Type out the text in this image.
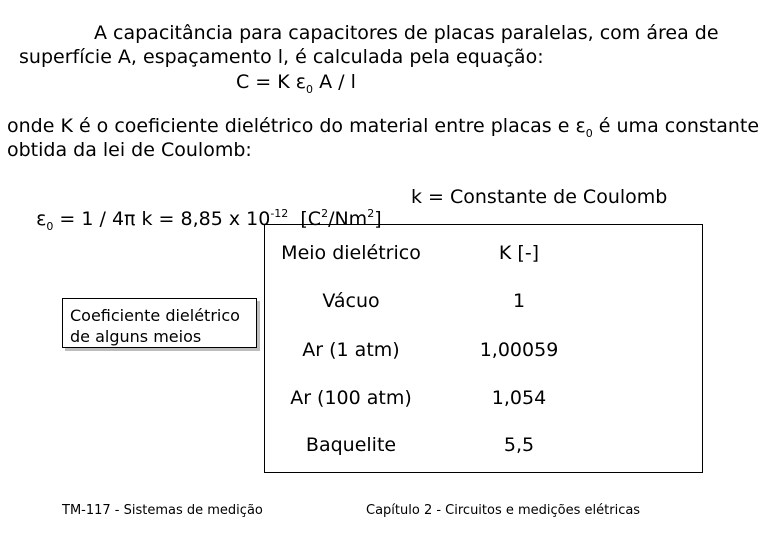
A capacitância para capacitores de placas paralelas, com área de
superfície A, espaçamento l, é calculada pela equação:
C = K $\varepsilon_0$ A / l
onde K é o coeficiente dielétrico do material entre placas e $\varepsilon_0$ é uma constante
obtida da lei de Coulomb:

$\varepsilon_0 = 1 / 4\pi$ k = 8,85 x $10^{-12}$  $[C^2/Nm^2]$

k = Constante de Coulomb
Coeficiente dielétrico
de alguns meios
Meio dielétrico	K [-]
Vácuo	1
Ar (1 atm)	1,00059
Ar (100 atm)	1,054
Baquelite	5,5
TM-117 - Sistemas de medição	Capítulo 2 - Circuitos e medições elétricas
